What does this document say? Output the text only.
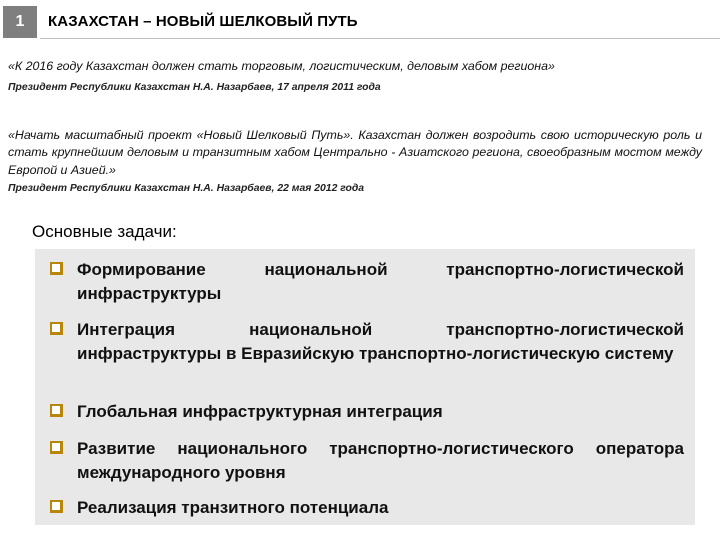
1 КАЗАХСТАН – НОВЫЙ ШЕЛКОВЫЙ ПУТЬ
«К 2016 году Казахстан должен стать торговым, логистическим, деловым хабом региона»
Президент Республики Казахстан Н.А. Назарбаев, 17 апреля 2011 года
«Начать масштабный проект «Новый Шелковый Путь». Казахстан должен возродить свою историческую роль и стать крупнейшим деловым и транзитным хабом Центрально - Азиатского региона, своеобразным мостом между Европой и Азией.»
Президент Республики Казахстан Н.А. Назарбаев, 22 мая 2012 года
Основные задачи:
Формирование национальной транспортно-логистической инфраструктуры
Интеграция национальной транспортно-логистической инфраструктуры в Евразийскую транспортно-логистическую систему
Глобальная инфраструктурная интеграция
Развитие национального транспортно-логистического оператора международного уровня
Реализация транзитного потенциала
